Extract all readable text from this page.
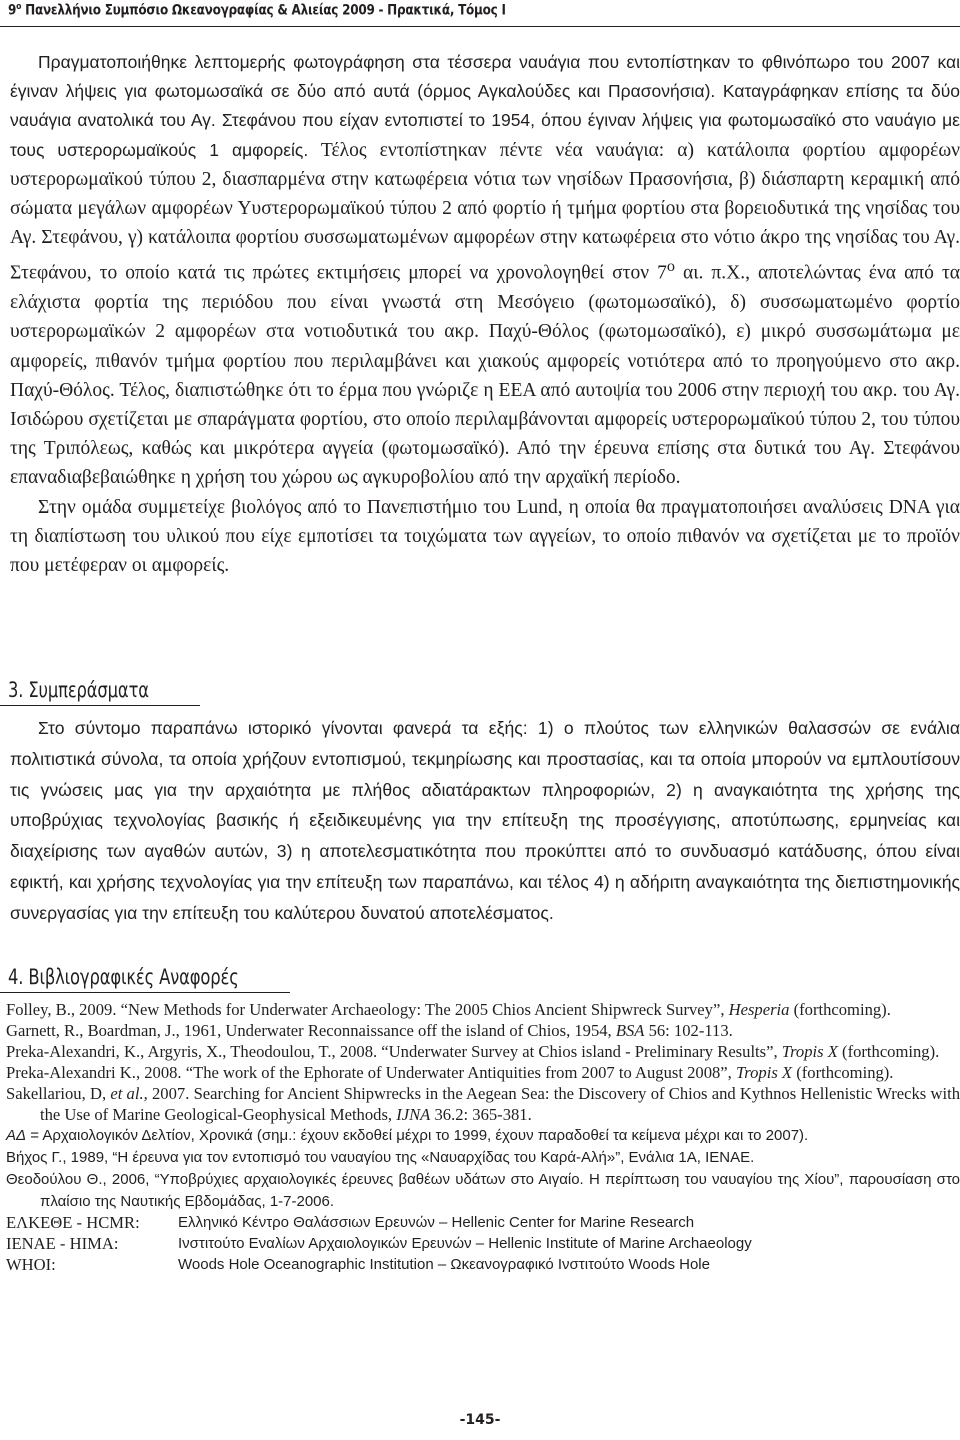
$9^o$ Πανελλήνιο Συμπόσιο Ωκεανογραφίας & Αλιείας 2009 - Πρακτικά, Τόμος Ι

Πραγματοποιήθηκε λεπτομερής φωτογράφηση στα τέσσερα ναυάγια που εντοπίστηκαν το φθινόπωρο του 2007 και έγιναν λήψεις για φωτομωσαϊκά σε δύο από αυτά (όρμος Αγκαλούδες και Πρασονήσια). Καταγράφηκαν επίσης τα δύο ναυάγια ανατολικά του Αγ. Στεφάνου που είχαν εντοπιστεί το 1954, όπου έγιναν λήψεις για φωτομωσαϊκό στο ναυάγιο με τους υστερορωμαϊκούς 1 αμφορείς. Τέλος εντοπίστηκαν πέντε νέα ναυάγια: α) κατάλοιπα φορτίου αμφορέων υστερορωμαϊκού τύπου 2, διασπαρμένα στην κατωφέρεια νότια των νησίδων Πρασονήσια, β) διάσπαρτη κεραμική από σώματα μεγάλων αμφορέων Υυστερορωμαϊκού τύπου 2 από φορτίο ή τμήμα φορτίου στα βορειοδυτικά της νησίδας του Αγ. Στεφάνου, γ) κατάλοιπα φορτίου συσσωματωμένων αμφορέων στην κατωφέρεια στο νότιο άκρο της νησίδας του Αγ. Στεφάνου, το οποίο κατά τις πρώτες εκτιμήσεις μπορεί να χρονολογηθεί στον $7^o$ αι. π.Χ., αποτελώντας ένα από τα ελάχιστα φορτία της περιόδου που είναι γνωστά στη Μεσόγειο (φωτομωσαϊκό), δ) συσσωματωμένο φορτίο υστερορωμαϊκών 2 αμφορέων στα νοτιοδυτικά του ακρ. Παχύ-Θόλος (φωτομωσαϊκό), ε) μικρό συσσωμάτωμα με αμφορείς, πιθανόν τμήμα φορτίου που περιλαμβάνει και χιακούς αμφορείς νοτιότερα από το προηγούμενο στο ακρ. Παχύ-Θόλος. Τέλος, διαπιστώθηκε ότι το έρμα που γνώριζε η ΕΕΑ από αυτοψία του 2006 στην περιοχή του ακρ. του Αγ. Ισιδώρου σχετίζεται με σπαράγματα φορτίου, στο οποίο περιλαμβάνονται αμφορείς υστερορωμαϊκού τύπου 2, του τύπου της Τριπόλεως, καθώς και μικρότερα αγγεία (φωτομωσαϊκό). Από την έρευνα επίσης στα δυτικά του Αγ. Στεφάνου επαναδιαβεβαιώθηκε η χρήση του χώρου ως αγκυροβολίου από την αρχαϊκή περίοδο.

Στην ομάδα συμμετείχε βιολόγος από το Πανεπιστήμιο του Lund, η οποία θα πραγματοποιήσει αναλύσεις DNA για τη διαπίστωση του υλικού που είχε εμποτίσει τα τοιχώματα των αγγείων, το οποίο πιθανόν να σχετίζεται με το προϊόν που μετέφεραν οι αμφορείς.

3. Συμπεράσματα

Στο σύντομο παραπάνω ιστορικό γίνονται φανερά τα εξής: 1) ο πλούτος των ελληνικών θαλασσών σε ενάλια πολιτιστικά σύνολα, τα οποία χρήζουν εντοπισμού, τεκμηρίωσης και προστασίας, και τα οποία μπορούν να εμπλουτίσουν τις γνώσεις μας για την αρχαιότητα με πλήθος αδιατάρακτων πληροφοριών, 2) η αναγκαιότητα της χρήσης της υποβρύχιας τεχνολογίας βασικής ή εξειδικευμένης για την επίτευξη της προσέγγισης, αποτύπωσης, ερμηνείας και διαχείρισης των αγαθών αυτών, 3) η αποτελεσματικότητα που προκύπτει από το συνδυασμό κατάδυσης, όπου είναι εφικτή, και χρήσης τεχνολογίας για την επίτευξη των παραπάνω, και τέλος 4) η αδήριτη αναγκαιότητα της διεπιστημονικής συνεργασίας για την επίτευξη του καλύτερου δυνατού αποτελέσματος.

4. Βιβλιογραφικές Αναφορές

Folley, B., 2009. “New Methods for Underwater Archaeology: The 2005 Chios Ancient Shipwreck Survey”, Hesperia (forthcoming).

Garnett, R., Boardman, J., 1961, Underwater Reconnaissance off the island of Chios, 1954, BSA 56: 102-113.

Preka-Alexandri, K., Argyris, X., Theodoulou, T., 2008. “Underwater Survey at Chios island - Preliminary Results”, Tropis X (forthcoming).

Preka-Alexandri K., 2008. “The work of the Ephorate of Underwater Antiquities from 2007 to August 2008”, Tropis X (forthcoming).

Sakellariou, D, et al., 2007. Searching for Ancient Shipwrecks in the Aegean Sea: the Discovery of Chios and Kythnos Hellenistic Wrecks with the Use of Marine Geological-Geophysical Methods, IJNA 36.2: 365-381.

ΑΔ = Αρχαιολογικόν Δελτίον, Χρονικά (σημ.: έχουν εκδοθεί μέχρι το 1999, έχουν παραδοθεί τα κείμενα μέχρι και το 2007).

Βήχος Γ., 1989, “Η έρευνα για τον εντοπισμό του ναυαγίου της «Ναυαρχίδας του Καρά-Αλή»”, Ενάλια 1Α, ΙΕΝΑΕ.

Θεοδούλου Θ., 2006, “Υποβρύχιες αρχαιολογικές έρευνες βαθέων υδάτων στο Αιγαίο. Η περίπτωση του ναυαγίου της Χίου”, παρουσίαση στο πλαίσιο της Ναυτικής Εβδομάδας, 1-7-2006.

ΕΛΚΕΘΕ - HCMR:	Ελληνικό Κέντρο Θαλάσσιων Ερευνών – Hellenic Center for Marine Research
ΙΕΝΑΕ - HIMA:	Ινστιτούτο Εναλίων Αρχαιολογικών Ερευνών – Hellenic Institute of Marine Archaeology
WHOI:	Woods Hole Oceanographic Institution – Ωκεανογραφικό Ινστιτούτο Woods Hole
-145-
